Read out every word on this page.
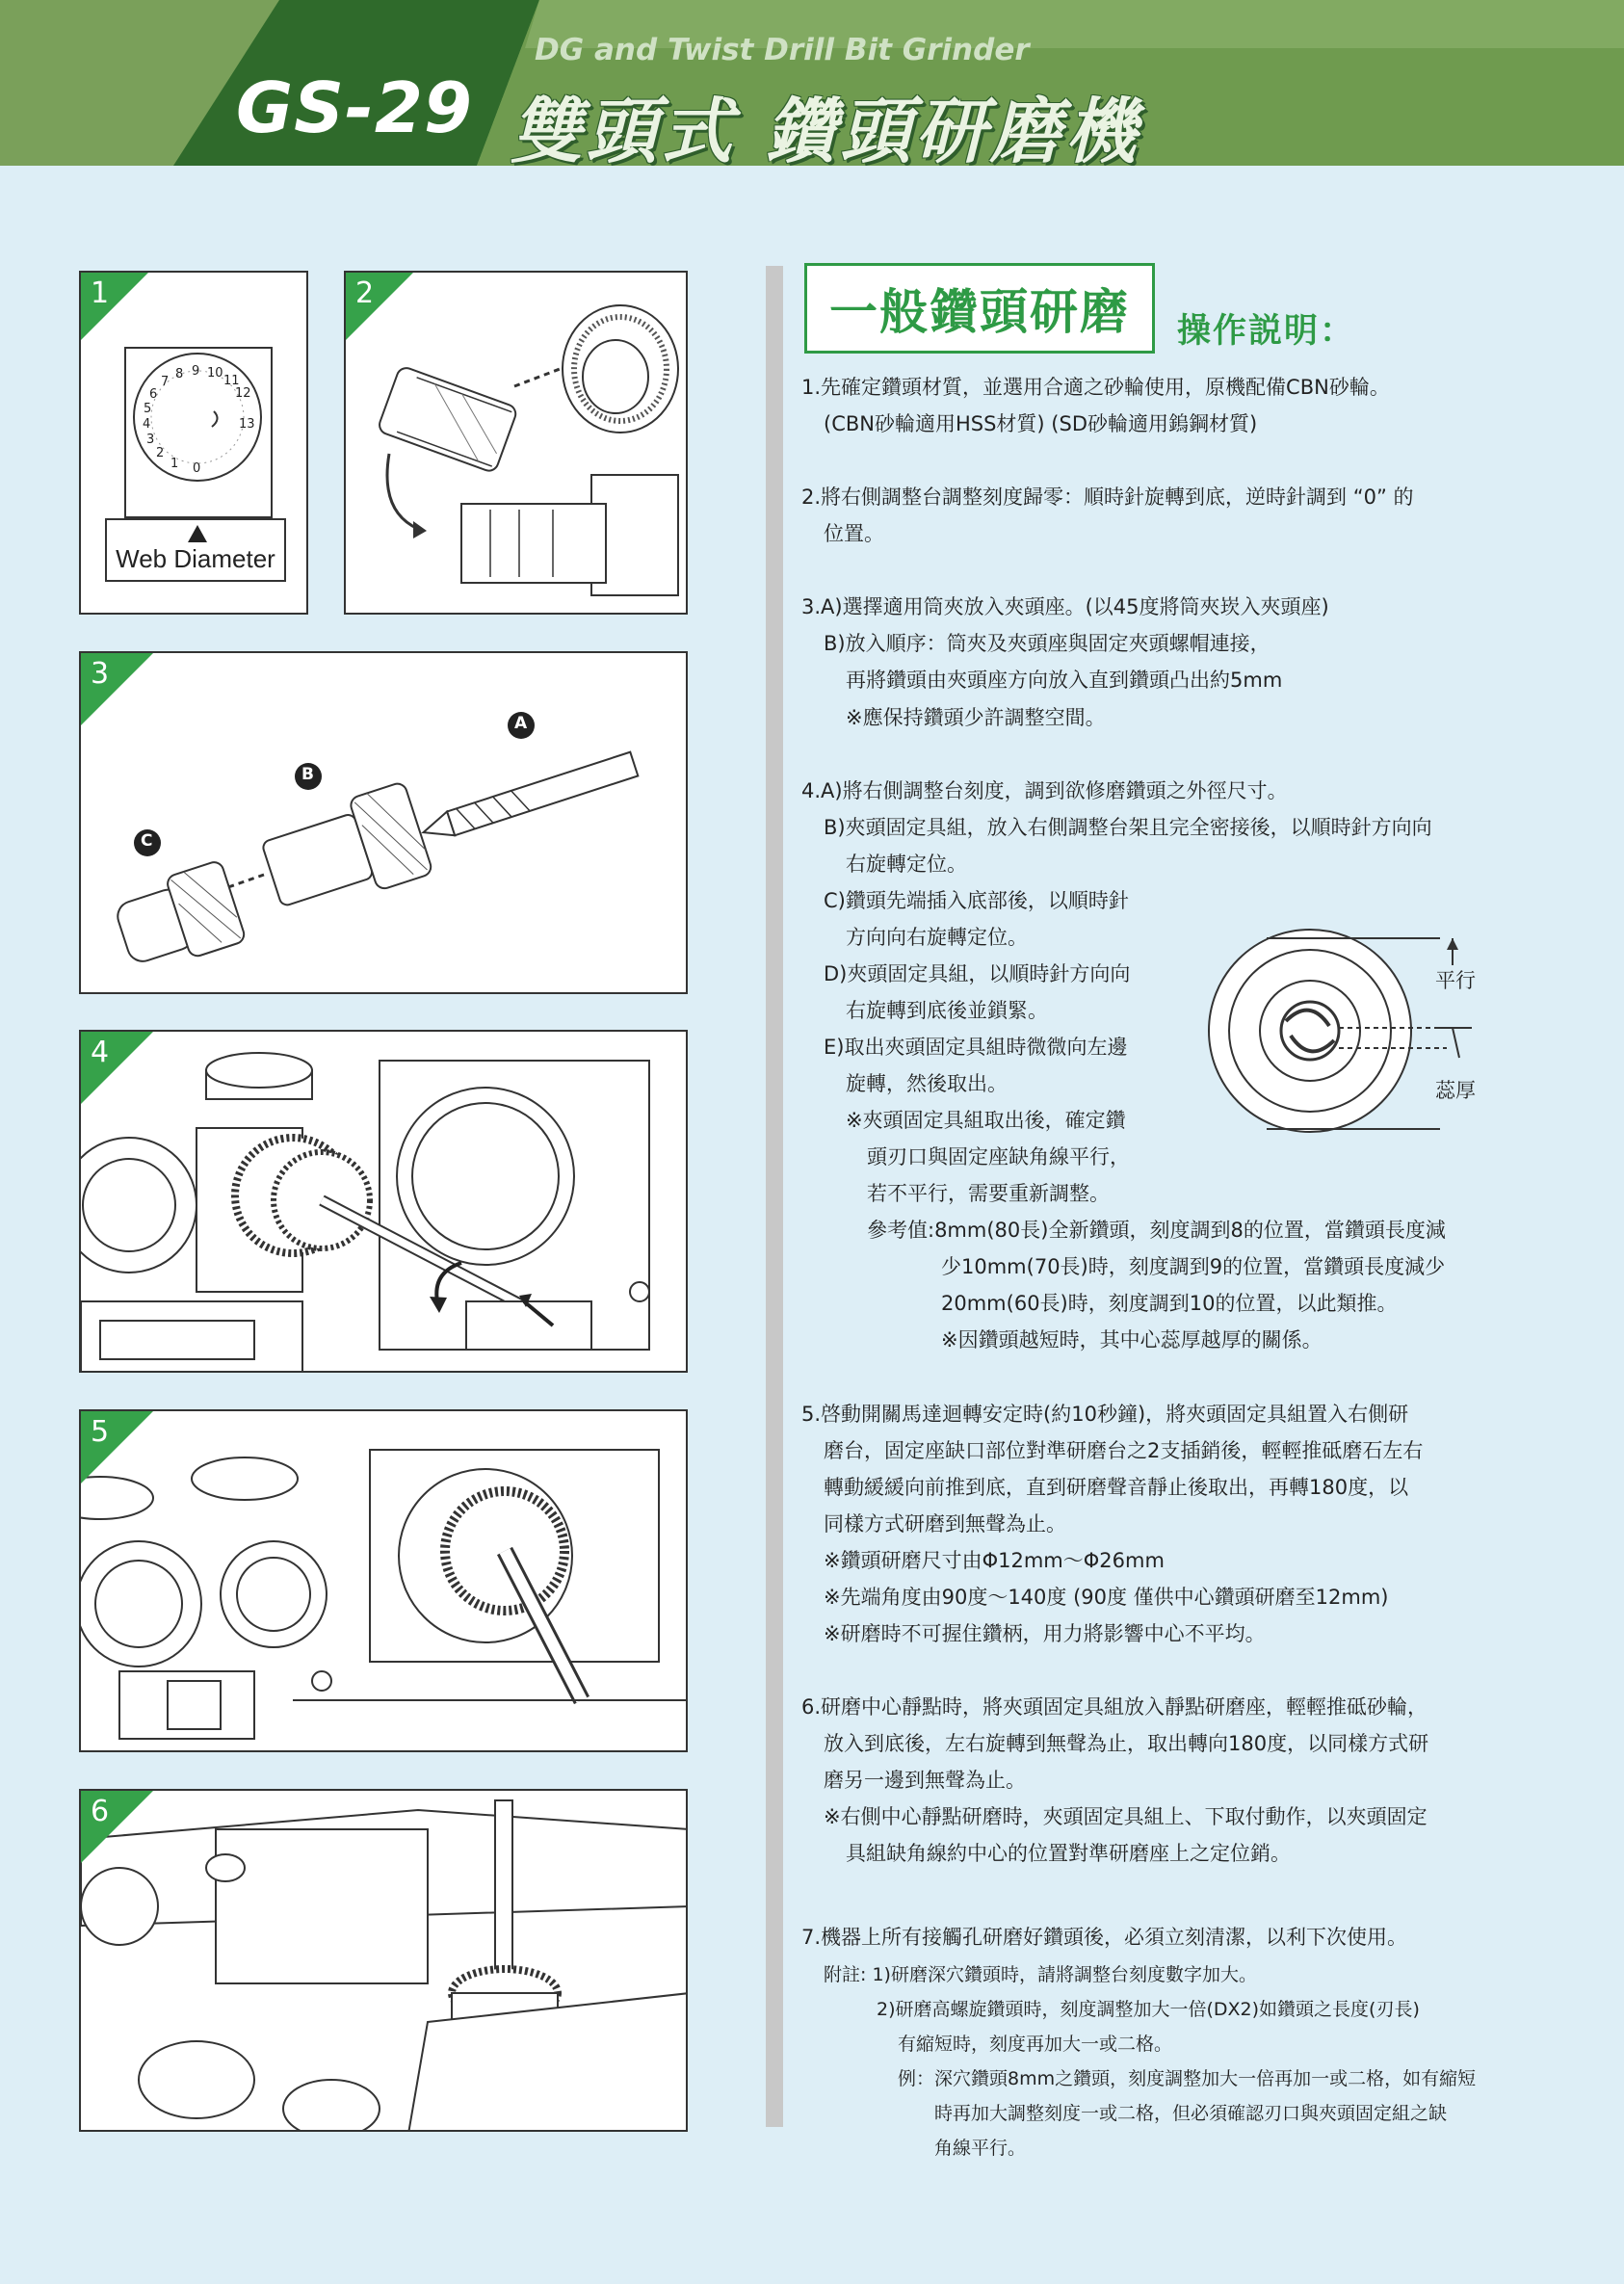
GS-29
DG and Twist Drill Bit Grinder
雙頭式 鑽頭研磨機
1
0
1
2
3
4
5
6
7
8 9 10
11
12
13
Web Diameter
2
3
A
B
C
4
5
6
一般鑽頭研磨	操作説明：
平行
蕊厚
1.先確定鑽頭材質，並選用合適之砂輪使用，原機配備CBN砂輪。
(CBN砂輪適用HSS材質) (SD砂輪適用鎢鋼材質)
2.將右側調整台調整刻度歸零：順時針旋轉到底，逆時針調到 “0” 的
位置。
3.A)選擇適用筒夾放入夾頭座。(以45度將筒夾崁入夾頭座)
B)放入順序：筒夾及夾頭座與固定夾頭螺帽連接，
再將鑽頭由夾頭座方向放入直到鑽頭凸出約5mm
※應保持鑽頭少許調整空間。
4.A)將右側調整台刻度，調到欲修磨鑽頭之外徑尺寸。
B)夾頭固定具組，放入右側調整台架且完全密接後，以順時針方向向
右旋轉定位。
C)鑽頭先端插入底部後，以順時針
方向向右旋轉定位。
D)夾頭固定具組，以順時針方向向
右旋轉到底後並鎖緊。
E)取出夾頭固定具組時微微向左邊
旋轉，然後取出。
※夾頭固定具組取出後，確定鑽
頭刃口與固定座缺角線平行，
若不平行，需要重新調整。
參考值:8mm(80長)全新鑽頭，刻度調到8的位置，當鑽頭長度減
少10mm(70長)時，刻度調到9的位置，當鑽頭長度減少
20mm(60長)時，刻度調到10的位置，以此類推。
※因鑽頭越短時，其中心蕊厚越厚的關係。
5.啓動開關馬達迴轉安定時(約10秒鐘)，將夾頭固定具組置入右側研
磨台，固定座缺口部位對準研磨台之2支插銷後，輕輕推砥磨石左右
轉動緩緩向前推到底，直到研磨聲音靜止後取出，再轉180度，以
同樣方式研磨到無聲為止。
※鑽頭研磨尺寸由Φ12mm～Φ26mm
※先端角度由90度～140度 (90度 僅供中心鑽頭研磨至12mm)
※研磨時不可握住鑽柄，用力將影響中心不平均。
6.研磨中心靜點時，將夾頭固定具組放入靜點研磨座，輕輕推砥砂輪，
放入到底後，左右旋轉到無聲為止，取出轉向180度，以同樣方式研
磨另一邊到無聲為止。
※右側中心靜點研磨時，夾頭固定具組上、下取付動作，以夾頭固定
具組缺角線約中心的位置對準研磨座上之定位銷。
7.機器上所有接觸孔研磨好鑽頭後，必須立刻清潔，以利下次使用。
附註: 1)研磨深穴鑽頭時，請將調整台刻度數字加大。
2)研磨高螺旋鑽頭時，刻度調整加大一倍(DX2)如鑽頭之長度(刃長)
有縮短時，刻度再加大一或二格。
例：深穴鑽頭8mm之鑽頭，刻度調整加大一倍再加一或二格，如有縮短
時再加大調整刻度一或二格，但必須確認刃口與夾頭固定組之缺
角線平行。
